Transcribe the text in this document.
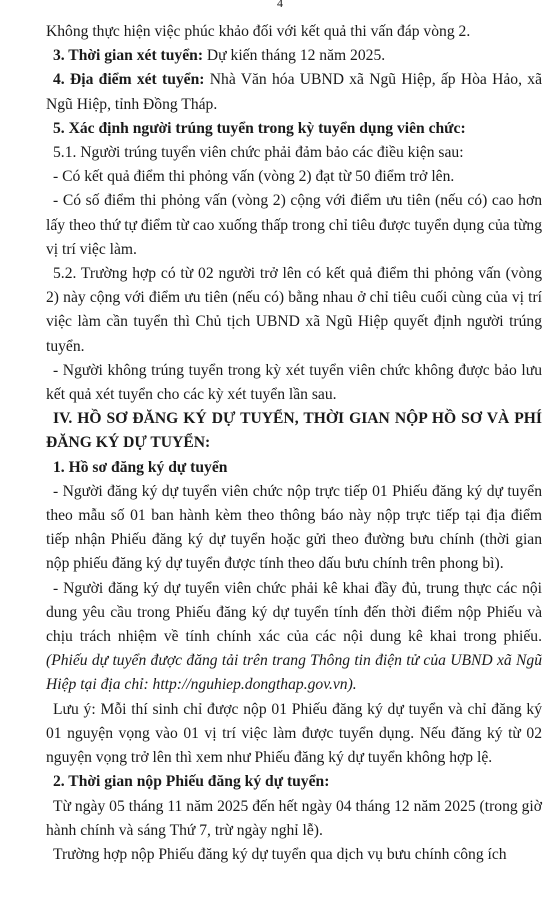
4

Không thực hiện việc phúc khảo đối với kết quả thi vấn đáp vòng 2.

3. Thời gian xét tuyển: Dự kiến tháng 12 năm 2025.

4. Địa điểm xét tuyển: Nhà Văn hóa UBND xã Ngũ Hiệp, ấp Hòa Hảo, xã Ngũ Hiệp, tỉnh Đồng Tháp.

5. Xác định người trúng tuyển trong kỳ tuyển dụng viên chức:

5.1. Người trúng tuyển viên chức phải đảm bảo các điều kiện sau:

- Có kết quả điểm thi phỏng vấn (vòng 2) đạt từ 50 điểm trở lên.

- Có số điểm thi phỏng vấn (vòng 2) cộng với điểm ưu tiên (nếu có) cao hơn lấy theo thứ tự điểm từ cao xuống thấp trong chỉ tiêu được tuyển dụng của từng vị trí việc làm.

5.2. Trường hợp có từ 02 người trở lên có kết quả điểm thi phỏng vấn (vòng 2) này cộng với điểm ưu tiên (nếu có) bằng nhau ở chỉ tiêu cuối cùng của vị trí việc làm cần tuyển thì Chủ tịch UBND xã Ngũ Hiệp quyết định người trúng tuyển.

- Người không trúng tuyển trong kỳ xét tuyển viên chức không được bảo lưu kết quả xét tuyển cho các kỳ xét tuyển lần sau.

IV. HỒ SƠ ĐĂNG KÝ DỰ TUYỂN, THỜI GIAN NỘP HỒ SƠ VÀ PHÍ ĐĂNG KÝ DỰ TUYỂN:

1. Hồ sơ đăng ký dự tuyển

- Người đăng ký dự tuyển viên chức nộp trực tiếp 01 Phiếu đăng ký dự tuyển theo mẫu số 01 ban hành kèm theo thông báo này nộp trực tiếp tại địa điểm tiếp nhận Phiếu đăng ký dự tuyển hoặc gửi theo đường bưu chính (thời gian nộp phiếu đăng ký dự tuyển được tính theo dấu bưu chính trên phong bì).

- Người đăng ký dự tuyển viên chức phải kê khai đầy đủ, trung thực các nội dung yêu cầu trong Phiếu đăng ký dự tuyển tính đến thời điểm nộp Phiếu và chịu trách nhiệm về tính chính xác của các nội dung kê khai trong phiếu. (Phiếu dự tuyển được đăng tải trên trang Thông tin điện tử của UBND xã Ngũ Hiệp tại địa chỉ: http://nguhiep.dongthap.gov.vn).

Lưu ý: Mỗi thí sinh chỉ được nộp 01 Phiếu đăng ký dự tuyển và chỉ đăng ký 01 nguyện vọng vào 01 vị trí việc làm được tuyển dụng. Nếu đăng ký từ 02 nguyện vọng trở lên thì xem như Phiếu đăng ký dự tuyển không hợp lệ.

2. Thời gian nộp Phiếu đăng ký dự tuyển:

Từ ngày 05 tháng 11 năm 2025 đến hết ngày 04 tháng 12 năm 2025 (trong giờ hành chính và sáng Thứ 7, trừ ngày nghỉ lễ).

Trường hợp nộp Phiếu đăng ký dự tuyển qua dịch vụ bưu chính công ích
